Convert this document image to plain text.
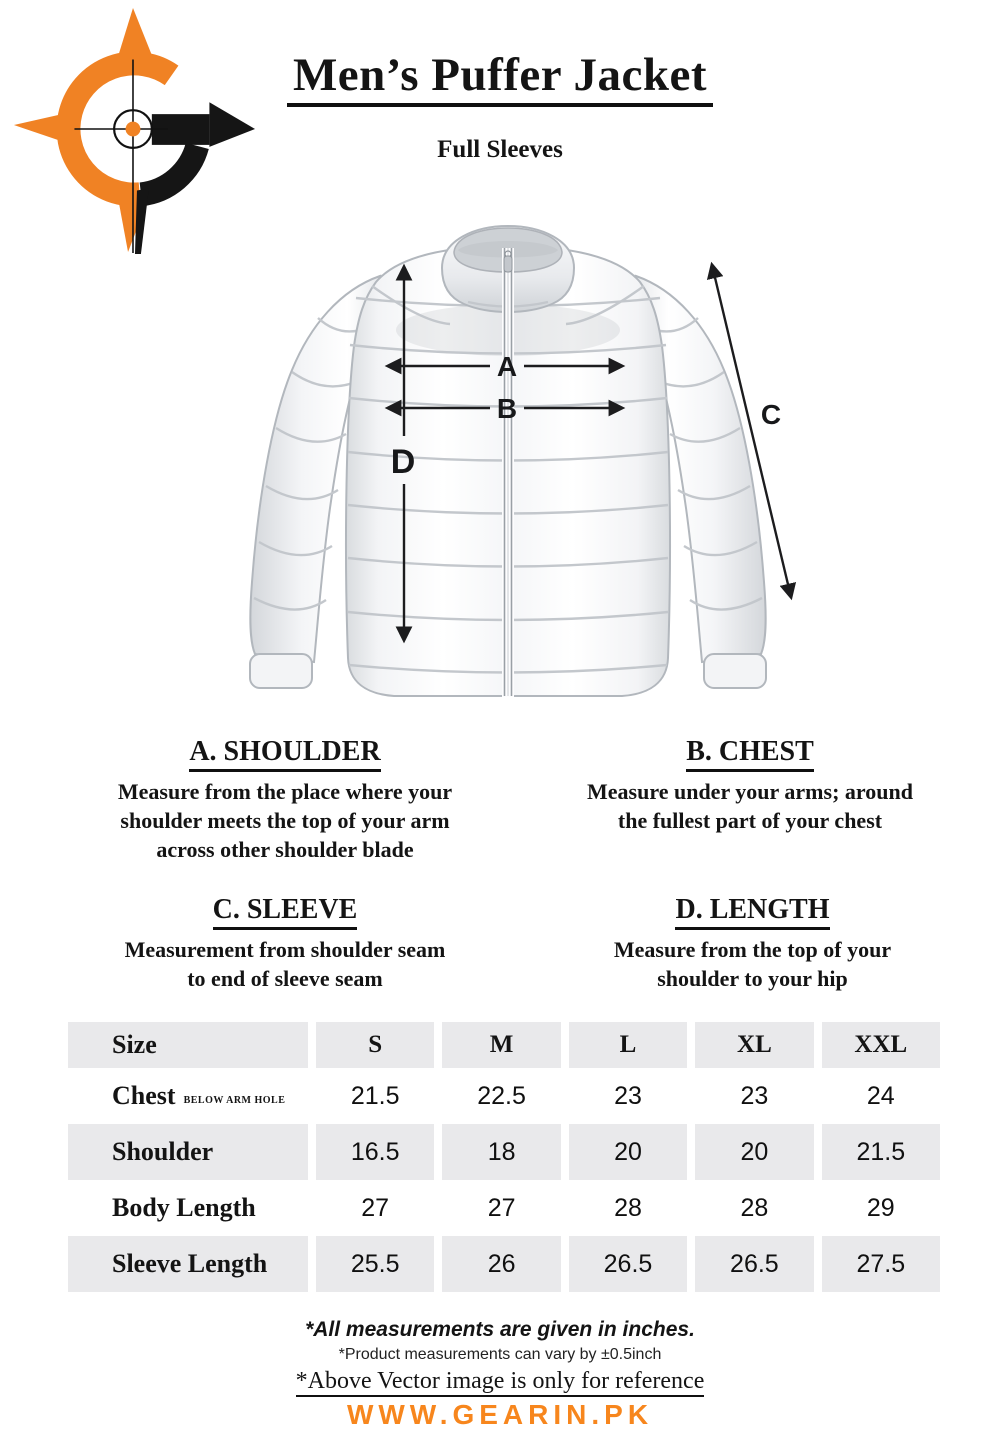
Men’s Puffer Jacket
Full Sleeves
A
B	C
D
A. SHOULDER
Measure from the place where your
shoulder meets the top of your arm
across other shoulder blade
B. CHEST
Measure under your arms; around
the fullest part of your chest
C. SLEEVE
Measurement from shoulder seam
to end of sleeve seam
D. LENGTH
Measure from the top of your
shoulder to your hip
Size	S	M	L	XL	XXL
Chest BELOW ARM HOLE	21.5	22.5	23	23	24
Shoulder	16.5	18	20	20	21.5
Body Length	27	27	28	28	29
Sleeve Length	25.5	26	26.5	26.5	27.5
*All measurements are given in inches.
*Product measurements can vary by ±0.5inch
*Above Vector image is only for reference
WWW.GEARIN.PK
